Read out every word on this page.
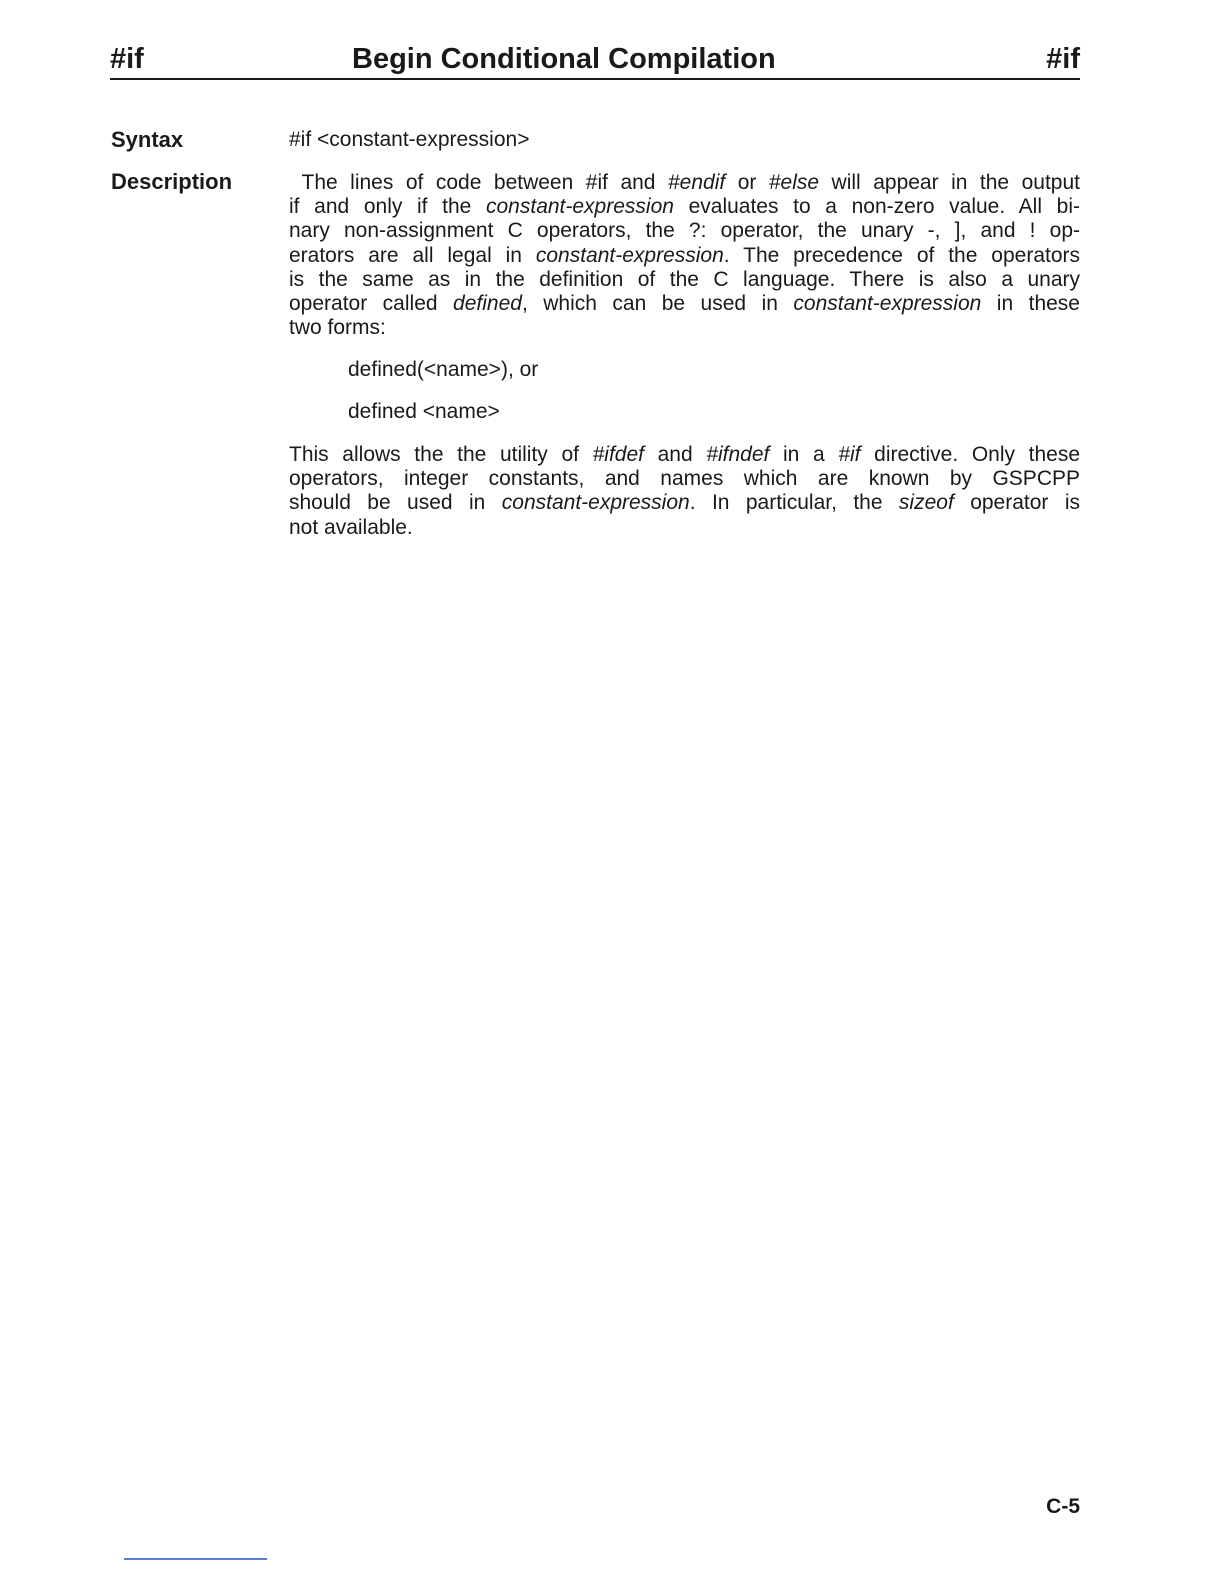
#if	Begin Conditional Compilation	#if
Syntax	#if <constant-expression>
Description	The lines of code between #if and #endif or #else will appear in the output
if and only if the constant-expression evaluates to a non-zero value. All bi-
nary non-assignment C operators, the ?: operator, the unary -, ], and ! op-
erators are all legal in constant-expression. The precedence of the operators
is the same as in the definition of the C language. There is also a unary
operator called defined, which can be used in constant-expression in these
two forms:
defined(<name>), or
defined <name>
This allows the the utility of #ifdef and #ifndef in a #if directive. Only these
operators, integer constants, and names which are known by GSPCPP
should be used in constant-expression. In particular, the sizeof operator is
not available.
C-5
